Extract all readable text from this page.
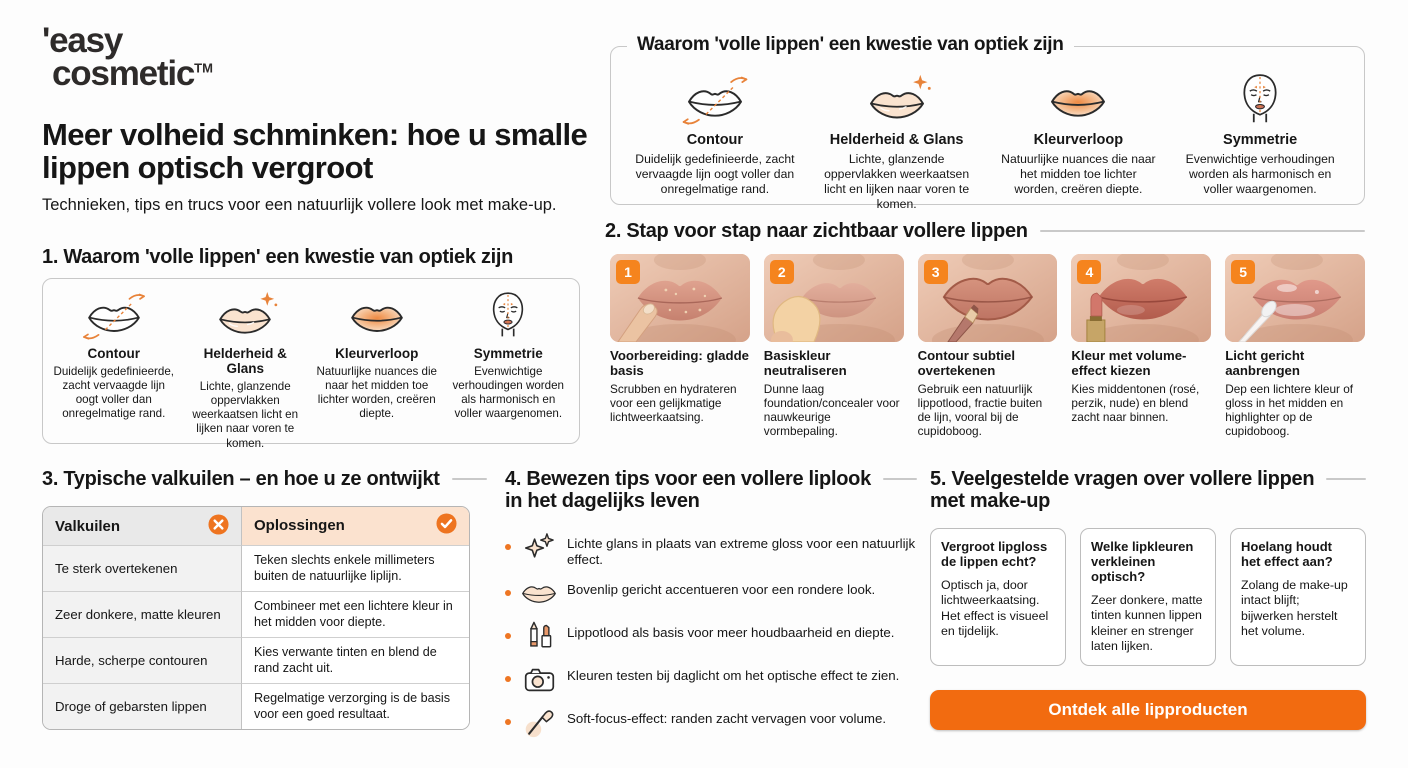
'easy
cosmetic™
Meer volheid schminken: hoe u smalle lippen optisch vergroot
Technieken, tips en trucs voor een natuurlijk vollere look met make-up.
Waarom 'volle lippen' een kwestie van optiek zijn
Contour
Duidelijk gedefinieerde, zacht vervaagde lijn oogt voller dan onregelmatige rand.
Helderheid & Glans
Lichte, glanzende oppervlakken weerkaatsen licht en lijken naar voren te komen.
Kleurverloop
Natuurlijke nuances die naar het midden toe lichter worden, creëren diepte.
Symmetrie
Evenwichtige verhoudingen worden als harmonisch en voller waargenomen.
1. Waarom 'volle lippen' een kwestie van optiek zijn
Contour
Duidelijk gedefinieerde, zacht vervaagde lijn oogt voller dan onregelmatige rand.
Helderheid & Glans
Lichte, glanzende oppervlakken weerkaatsen licht en lijken naar voren te komen.
Kleurverloop
Natuurlijke nuances die naar het midden toe lichter worden, creëren diepte.
Symmetrie
Evenwichtige verhoudingen worden als harmonisch en voller waargenomen.
2. Stap voor stap naar zichtbaar vollere lippen
1
Voorbereiding: gladde basis
Scrubben en hydrateren voor een gelijkmatige lichtweerkaatsing.
2
Basiskleur neutraliseren
Dunne laag foundation/concealer voor nauwkeurige vormbepaling.
3
Contour subtiel overtekenen
Gebruik een natuurlijk lippotlood, fractie buiten de lijn, vooral bij de cupidoboog.
4
Kleur met volume-effect kiezen
Kies middentonen (rosé, perzik, nude) en blend zacht naar binnen.
5
Licht gericht aanbrengen
Dep een lichtere kleur of gloss in het midden en highlighter op de cupidoboog.
3. Typische valkuilen – en hoe u ze ontwijkt
Valkuilen	Oplossingen
Te sterk overtekenen
Teken slechts enkele millimeters buiten de natuurlijke liplijn.
Zeer donkere, matte kleuren
Combineer met een lichtere kleur in het midden voor diepte.
Harde, scherpe contouren
Kies verwante tinten en blend de rand zacht uit.
Droge of gebarsten lippen
Regelmatige verzorging is de basis voor een goed resultaat.
4. Bewezen tips voor een vollere liplook
in het dagelijks leven
Lichte glans in plaats van extreme gloss voor een natuurlijk effect.
Bovenlip gericht accentueren voor een rondere look.
Lippotlood als basis voor meer houdbaarheid en diepte.
Kleuren testen bij daglicht om het optische effect te zien.
Soft-focus-effect: randen zacht vervagen voor volume.
5. Veelgestelde vragen over vollere lippen
met make-up
Vergroot lipgloss de lippen echt?
Optisch ja, door lichtweerkaatsing. Het effect is visueel en tijdelijk.
Welke lipkleuren verkleinen optisch?
Zeer donkere, matte tinten kunnen lippen kleiner en strenger laten lijken.
Hoelang houdt het effect aan?
Zolang de make-up intact blijft; bijwerken herstelt het volume.
Ontdek alle lipproducten
